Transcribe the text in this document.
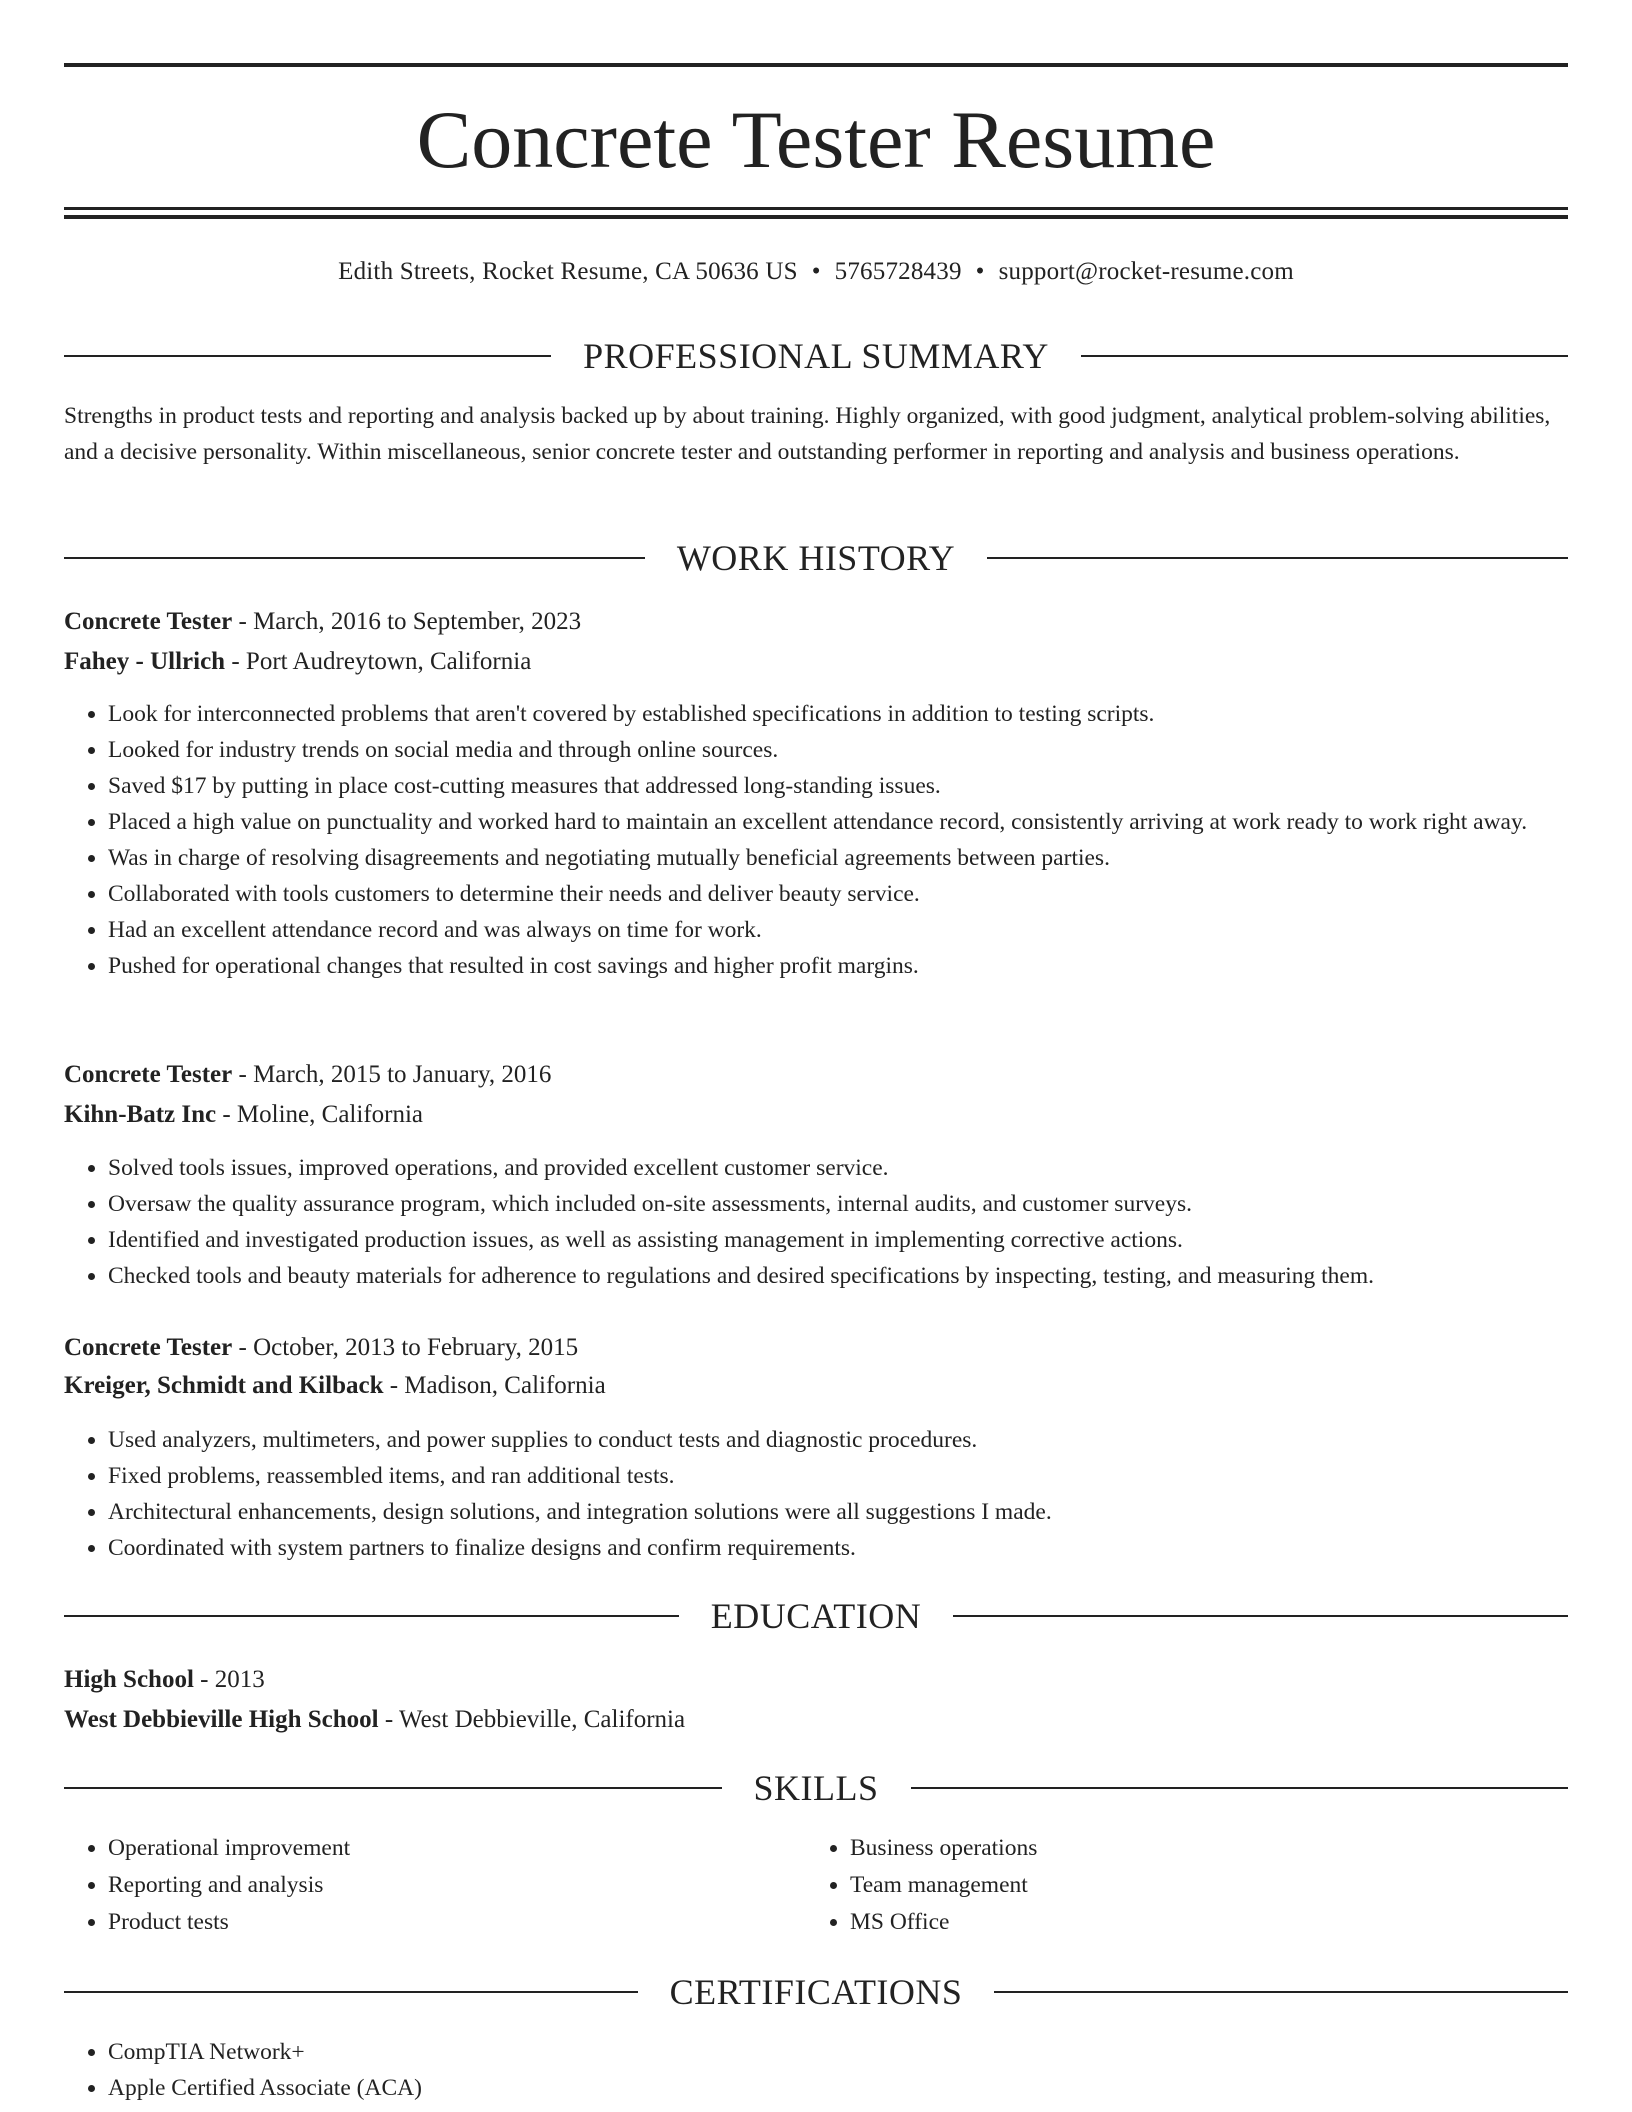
Concrete Tester Resume
Edith Streets, Rocket Resume, CA 50636 US • 5765728439 • support@rocket-resume.com
PROFESSIONAL SUMMARY

Strengths in product tests and reporting and analysis backed up by about training. Highly organized, with good judgment, analytical problem-solving abilities, and a decisive personality. Within miscellaneous, senior concrete tester and outstanding performer in reporting and analysis and business operations.

WORK HISTORY
Concrete Tester - March, 2016 to September, 2023
Fahey - Ullrich - Port Audreytown, California
• Look for interconnected problems that aren't covered by established specifications in addition to testing scripts.
• Looked for industry trends on social media and through online sources.
• Saved $17 by putting in place cost-cutting measures that addressed long-standing issues.
• Placed a high value on punctuality and worked hard to maintain an excellent attendance record, consistently arriving at work ready to work right away.
• Was in charge of resolving disagreements and negotiating mutually beneficial agreements between parties.
• Collaborated with tools customers to determine their needs and deliver beauty service.
• Had an excellent attendance record and was always on time for work.
• Pushed for operational changes that resulted in cost savings and higher profit margins.
Concrete Tester - March, 2015 to January, 2016
Kihn-Batz Inc - Moline, California
• Solved tools issues, improved operations, and provided excellent customer service.
• Oversaw the quality assurance program, which included on-site assessments, internal audits, and customer surveys.
• Identified and investigated production issues, as well as assisting management in implementing corrective actions.
• Checked tools and beauty materials for adherence to regulations and desired specifications by inspecting, testing, and measuring them.
Concrete Tester - October, 2013 to February, 2015
Kreiger, Schmidt and Kilback - Madison, California
• Used analyzers, multimeters, and power supplies to conduct tests and diagnostic procedures.
• Fixed problems, reassembled items, and ran additional tests.
• Architectural enhancements, design solutions, and integration solutions were all suggestions I made.
• Coordinated with system partners to finalize designs and confirm requirements.
EDUCATION
High School - 2013
West Debbieville High School - West Debbieville, California
SKILLS
• Operational improvement
• Reporting and analysis
• Product tests
• Business operations
• Team management
• MS Office
CERTIFICATIONS
• CompTIA Network+
• Apple Certified Associate (ACA)
